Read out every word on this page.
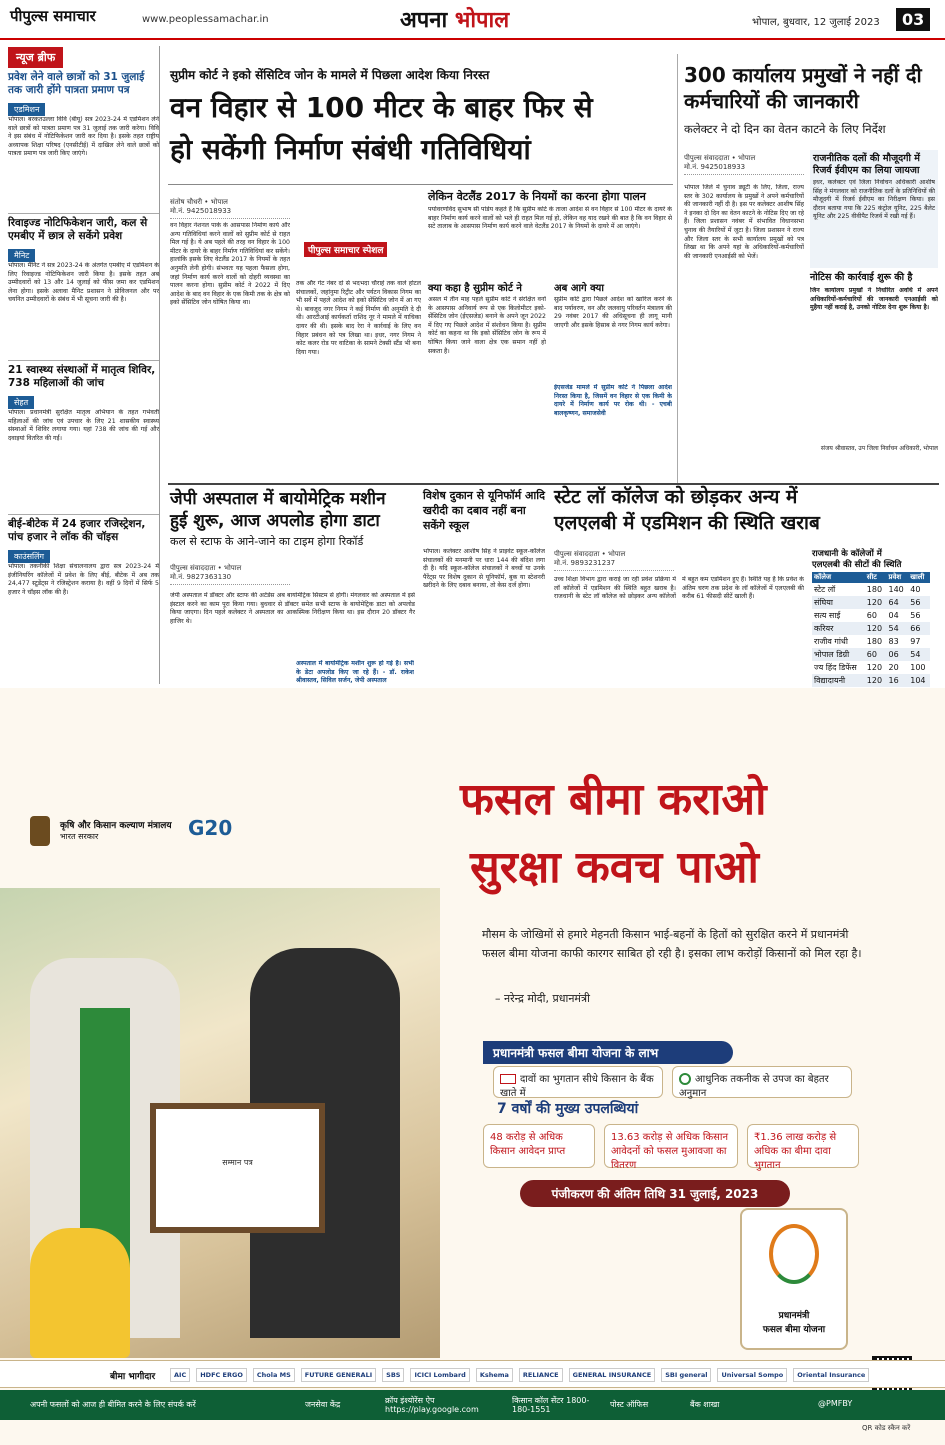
पीपुल्स समाचार	www.peoplessamachar.in	अपना भोपाल	भोपाल, बुधवार, 12 जुलाई 2023	03
न्यूज ब्रीफ
प्रवेश लेने वाले छात्रों को 31 जुलाई तक जारी होंगे पात्रता प्रमाण पत्र
एडमिशन
भोपाल। बरकतउल्ला विवि (बीयू) सत्र 2023-24 में एडमिशन लेने वाले छात्रों को पात्रता प्रमाण पत्र 31 जुलाई तक जारी करेगा। विवि ने इस संबंध में नोटिफिकेशन जारी कर दिया है। इसके तहत राष्ट्रीय अध्यापक शिक्षा परिषद (एनसीटीई) में दाखिल लेने वाले छात्रों को पात्रता प्रमाण पत्र जारी किए जाएंगे।
रिवाइज्ड नोटिफिकेशन जारी, कल से एमबीए में छात्र ले सकेंगे प्रवेश
मैनिट
भोपाल। मैनिट ने सत्र 2023-24 के अंतर्गत एमबीए में एडमिशन के लिए रिवाइज्ड नोटिफिकेशन जारी किया है। इसके तहत अब उम्मीदवारों को 13 और 14 जुलाई को फीस जमा कर एडमिशन लेना होगा। इसके अलावा मैनिट प्रशासन ने प्रोविजनल और पर चयनित उम्मीदवारों के संबंध में भी सूचना जारी की है।
21 स्वास्थ्य संस्थाओं में मातृत्व शिविर, 738 महिलाओं की जांच
सेहत
भोपाल। प्रधानमंत्री सुरक्षित मातृत्व अभियान के तहत गर्भवती महिलाओं की जांच एवं उपचार के लिए 21 शासकीय स्वास्थ्य संस्थाओं में शिविर लगाया गया। यहां 738 की जांच की गई और दवाइयां वितरित की गईं।
बीई-बीटेक में 24 हजार रजिस्ट्रेशन, पांच हजार ने लॉक की चॉइस
काउंसलिंग
भोपाल। तकनीकी शिक्षा संचालनालय द्वारा सत्र 2023-24 में इंजीनियरिंग कॉलेजों में प्रवेश के लिए बीई, बीटेक में अब तक 24,477 स्टूडेंट्स ने रजिस्ट्रेशन कराया है। वहीं 9 दिनों में सिर्फ 5 हजार ने चॉइस लॉक की है।
सुप्रीम कोर्ट ने इको सेंसिटिव जोन के मामले में पिछला आदेश किया निरस्त
वन विहार से 100 मीटर के बाहर फिर से
हो सकेंगी निर्माण संबंधी गतिविधियां
संतोष चौधरी • भोपाल
मो.नं. 9425018933
पीपुल्स समाचार स्पेशल
वन विहार नेशनल पार्क के आसपास निर्माण कार्य और अन्य गतिविधियां करने वालों को सुप्रीम कोर्ट से राहत मिल गई है। ये अब पहले की तरह वन विहार के 100 मीटर के दायरे के बाहर निर्माण गतिविधियां कर सकेंगे। हालांकि इसके लिए वेटलैंड 2017 के नियमों के तहत अनुमति लेनी होगी। संभवतः यह पहला फैसला होगा, जहां निर्माण कार्य करने वालों को दोहरी व्यवस्था का पालन करना होगा। सुप्रीम कोर्ट ने 2022 में दिए आदेश के बाद वन विहार के एक किमी तक के क्षेत्र को इको सेंसिटिव जोन घोषित किया था।
तक और गेट नंबर दो से भदभदा चौराहे तक वाले होटल संचालकों, जहांनुमा रिट्रीट और पर्यटन विकास निगम का भी सर्वे में पहले आदेश को इको सेंसिटिव जोन में आ गए थे। बावजूद नगर निगम ने कई निर्माण की अनुमति दे दी थी। आरटीआई कार्यकर्ता राशिद नूर ने मामले में याचिका दायर की थी। इसके बाद रेरा ने कार्रवाई के लिए वन विहार प्रबंधन को पत्र लिखा था। इधर, नगर निगम ने कोट कलर रोड पर वाटिका के सामने टेक्सी स्टैंड भी बना दिया गया।
लेकिन वेटलैंड 2017 के नियमों का करना होगा पालन
पर्यावरणविद सुभाष सी पांडेय कहते हैं कि सुप्रीम कोर्ट के ताजा आदेश से वन विहार से 100 मीटर के दायरे के बाहर निर्माण कार्य करने वालों को भले ही राहत मिल गई हो, लेकिन वह याद रखने की बात है कि वन विहार से सटे तालाब के आसपास निर्माण कार्य करने वाले वेटलैंड 2017 के नियमों के दायरे में आ जाएंगे।
क्या कहा है सुप्रीम कोर्ट ने
असल में तीन माह पहले सुप्रीम कोर्ट ने संरक्षित वनों के आसपास अनिवार्य रूप से एक किलोमीटर इको-सेंसिटिव जोन (ईएसजेड) बनाने के अपने जून 2022 में दिए गए पिछले आदेश में संशोधन किया है। सुप्रीम कोर्ट का कहना था कि इको सेंसिटिव जोन के रूप में घोषित किया जाने वाला क्षेत्र एक समान नहीं हो सकता है।
अब आगे क्या
सुप्रीम कोर्ट द्वारा पिछले आदेश को खारिज करने के बाद पर्यावरण, वन और जलवायु परिवर्तन मंत्रालय की 29 नवंबर 2017 की अधिसूचना ही लागू मानी जाएगी और इसके हिसाब से नगर निगम कार्य करेगा।
ईएसजेड मामले में सुप्रीम कोर्ट ने पिछला आदेश निरस्त किया है, जिसमें वन विहार से एक किमी के दायरे में निर्माण कार्य पर रोक थी। - एचबी बालकृष्णन, समाजसेवी
300 कार्यालय प्रमुखों ने नहीं दी कर्मचारियों की जानकारी
कलेक्टर ने दो दिन का वेतन काटने के लिए निर्देश
पीपुल्स संवाददाता • भोपाल
मो.नं. 9425018933
भोपाल जिले में चुनाव ड्यूटी के लिए, जिला, राज्य स्तर के 302 कार्यालय के प्रमुखों ने अपने कर्मचारियों की जानकारी नहीं दी है। इस पर कलेक्टर आशीष सिंह ने इनका दो दिन का वेतन काटने के नोटिस दिए जा रहे हैं। जिला प्रशासन नवंबर में संभावित विधानसभा चुनाव की तैयारियों में जुटा है। जिला प्रशासन ने राज्य और जिला स्तर के सभी कार्यालय प्रमुखों को पत्र लिखा था कि अपने यहां के अधिकारियों-कर्मचारियों की जानकारी एनआईसी को भेजें।
राजनीतिक दलों की मौजूदगी में रिजर्व ईवीएम का लिया जायजा
इधर, कलेक्टर एवं जिला निर्वाचन अधिकारी आशीष सिंह ने मंगलवार को राजनीतिक दलों के प्रतिनिधियों की मौजूदगी में रिजर्व ईवीएम का निरीक्षण किया। इस दौरान बताया गया कि 225 कंट्रोल यूनिट, 225 बैलेट यूनिट और 225 वीवीपैट रिजर्व में रखी गई हैं।
नोटिस की कार्रवाई शुरू की है
जिन कार्यालय प्रमुखों ने निर्धारित अवधि में अपने अधिकारियों-कर्मचारियों की जानकारी एनआईसी को मुहैया नहीं कराई है, उनको नोटिस देना शुरू किया है।
संजय श्रीवास्तव, उप जिला निर्वाचन अधिकारी, भोपाल
जेपी अस्पताल में बायोमेट्रिक मशीन
हुई शुरू, आज अपलोड होगा डाटा
कल से स्टाफ के आने-जाने का टाइम होगा रिकॉर्ड
पीपुल्स संवाददाता • भोपाल
मो.नं. 9827363130
जेपी अस्पताल में डॉक्टर और स्टाफ की अटेंडेंस अब बायोमेट्रिक सिस्टम से होगी। मंगलवार को अस्पताल में इसे इंस्टाल करने का काम पूरा किया गया। बुधवार से डॉक्टर समेत सभी स्टाफ के बायोमेट्रिक डाटा को अपलोड किया जाएगा। दिन पहले कलेक्टर ने अस्पताल का आकस्मिक निरीक्षण किया था। इस दौरान 20 डॉक्टर गैर हाजिर थे।
अस्पताल में बायोमेट्रिक मशीन शुरू हो गई है। सभी के डेटा अपलोड किए जा रहे हैं। - डॉ. राकेश श्रीवास्तव, सिविल सर्जन, जेपी अस्पताल
विशेष दुकान से यूनिफॉर्म आदि खरीदी का दबाव नहीं बना सकेंगे स्कूल
भोपाल। कलेक्टर आशीष सिंह ने प्राइवेट स्कूल-कॉलेज संचालकों की मनमानी पर धारा 144 की बंदिश लगा दी है। यदि स्कूल-कॉलेज संचालकों ने बच्चों या उनके पैरेंट्स पर विशेष दुकान से यूनिफॉर्म, बुक या स्टेशनरी खरीदने के लिए दबाव बनाया, तो केस दर्ज होगा।
स्टेट लॉ कॉलेज को छोड़कर अन्य में
एलएलबी में एडमिशन की स्थिति खराब
पीपुल्स संवाददाता • भोपाल
मो.नं. 9893231237
उच्च शिक्षा विभाग द्वारा कराई जा रही प्रवेश प्रक्रिया में लॉ कॉलेजों में एडमिशन की स्थिति बहुत खराब है। राजधानी के स्टेट लॉ कॉलेज को छोड़कर अन्य कॉलेजों में बहुत कम एडमिशन हुए हैं। स्थिति यह है कि प्रवेश के अंतिम चरण तक प्रदेश के लॉ कॉलेजों में एलएलबी की करीब 61 फीसदी सीटें खाली हैं।
राजधानी के कॉलेजों में
एलएलबी की सीटों की स्थिति
कॉलेज	सीट	प्रवेश	खाली
स्टेट लॉ	180	140	40
संघिया	120	64	56
सत्य साई	60	04	56
करियर	120	54	66
राजीव गांधी	180	83	97
भोपाल डिग्री	60	06	54
ज्य हिंद डिफेंस	120	20	100
विद्यादायनी	120	16	104
कृषि और किसान कल्याण मंत्रालय
भारत सरकार	G20
सम्मान पत्र
फसल बीमा कराओ
सुरक्षा कवच पाओ
मौसम के जोखिमों से हमारे मेहनती किसान भाई-बहनों के हितों को सुरक्षित करने में प्रधानमंत्री फसल बीमा योजना काफी कारगर साबित हो रही है। इसका लाभ करोड़ों किसानों को मिल रहा है।
– नरेन्द्र मोदी, प्रधानमंत्री
प्रधानमंत्री फसल बीमा योजना के लाभ
दावों का भुगतान सीधे किसान के बैंक खाते में
आधुनिक तकनीक से उपज का बेहतर अनुमान
7 वर्षों की मुख्य उपलब्धियां
48 करोड़ से अधिक किसान आवेदन प्राप्त
13.63 करोड़ से अधिक किसान आवेदनों को फसल मुआवजा का वितरण
₹1.36 लाख करोड़ से अधिक का बीमा दावा भुगतान
पंजीकरण की अंतिम तिथि 31 जुलाई, 2023
प्रधानमंत्री
फसल बीमा योजना
बीमा भागीदार	AIC	HDFC ERGO	Chola MS	FUTURE GENERALI	SBS	ICICI Lombard	Kshema	RELIANCE	GENERAL INSURANCE	SBI general	Universal Sompo	Oriental Insurance
अपनी फसलों को आज ही बीमित करने के लिए संपर्क करें	जनसेवा केंद्र	क्रॉप इंश्योरेंस ऐप https://play.google.com
किसान कॉल सेंटर 1800-180-1551
पोस्ट ऑफिस	बैंक शाखा	@PMFBY
QR कोड स्कैन करें
